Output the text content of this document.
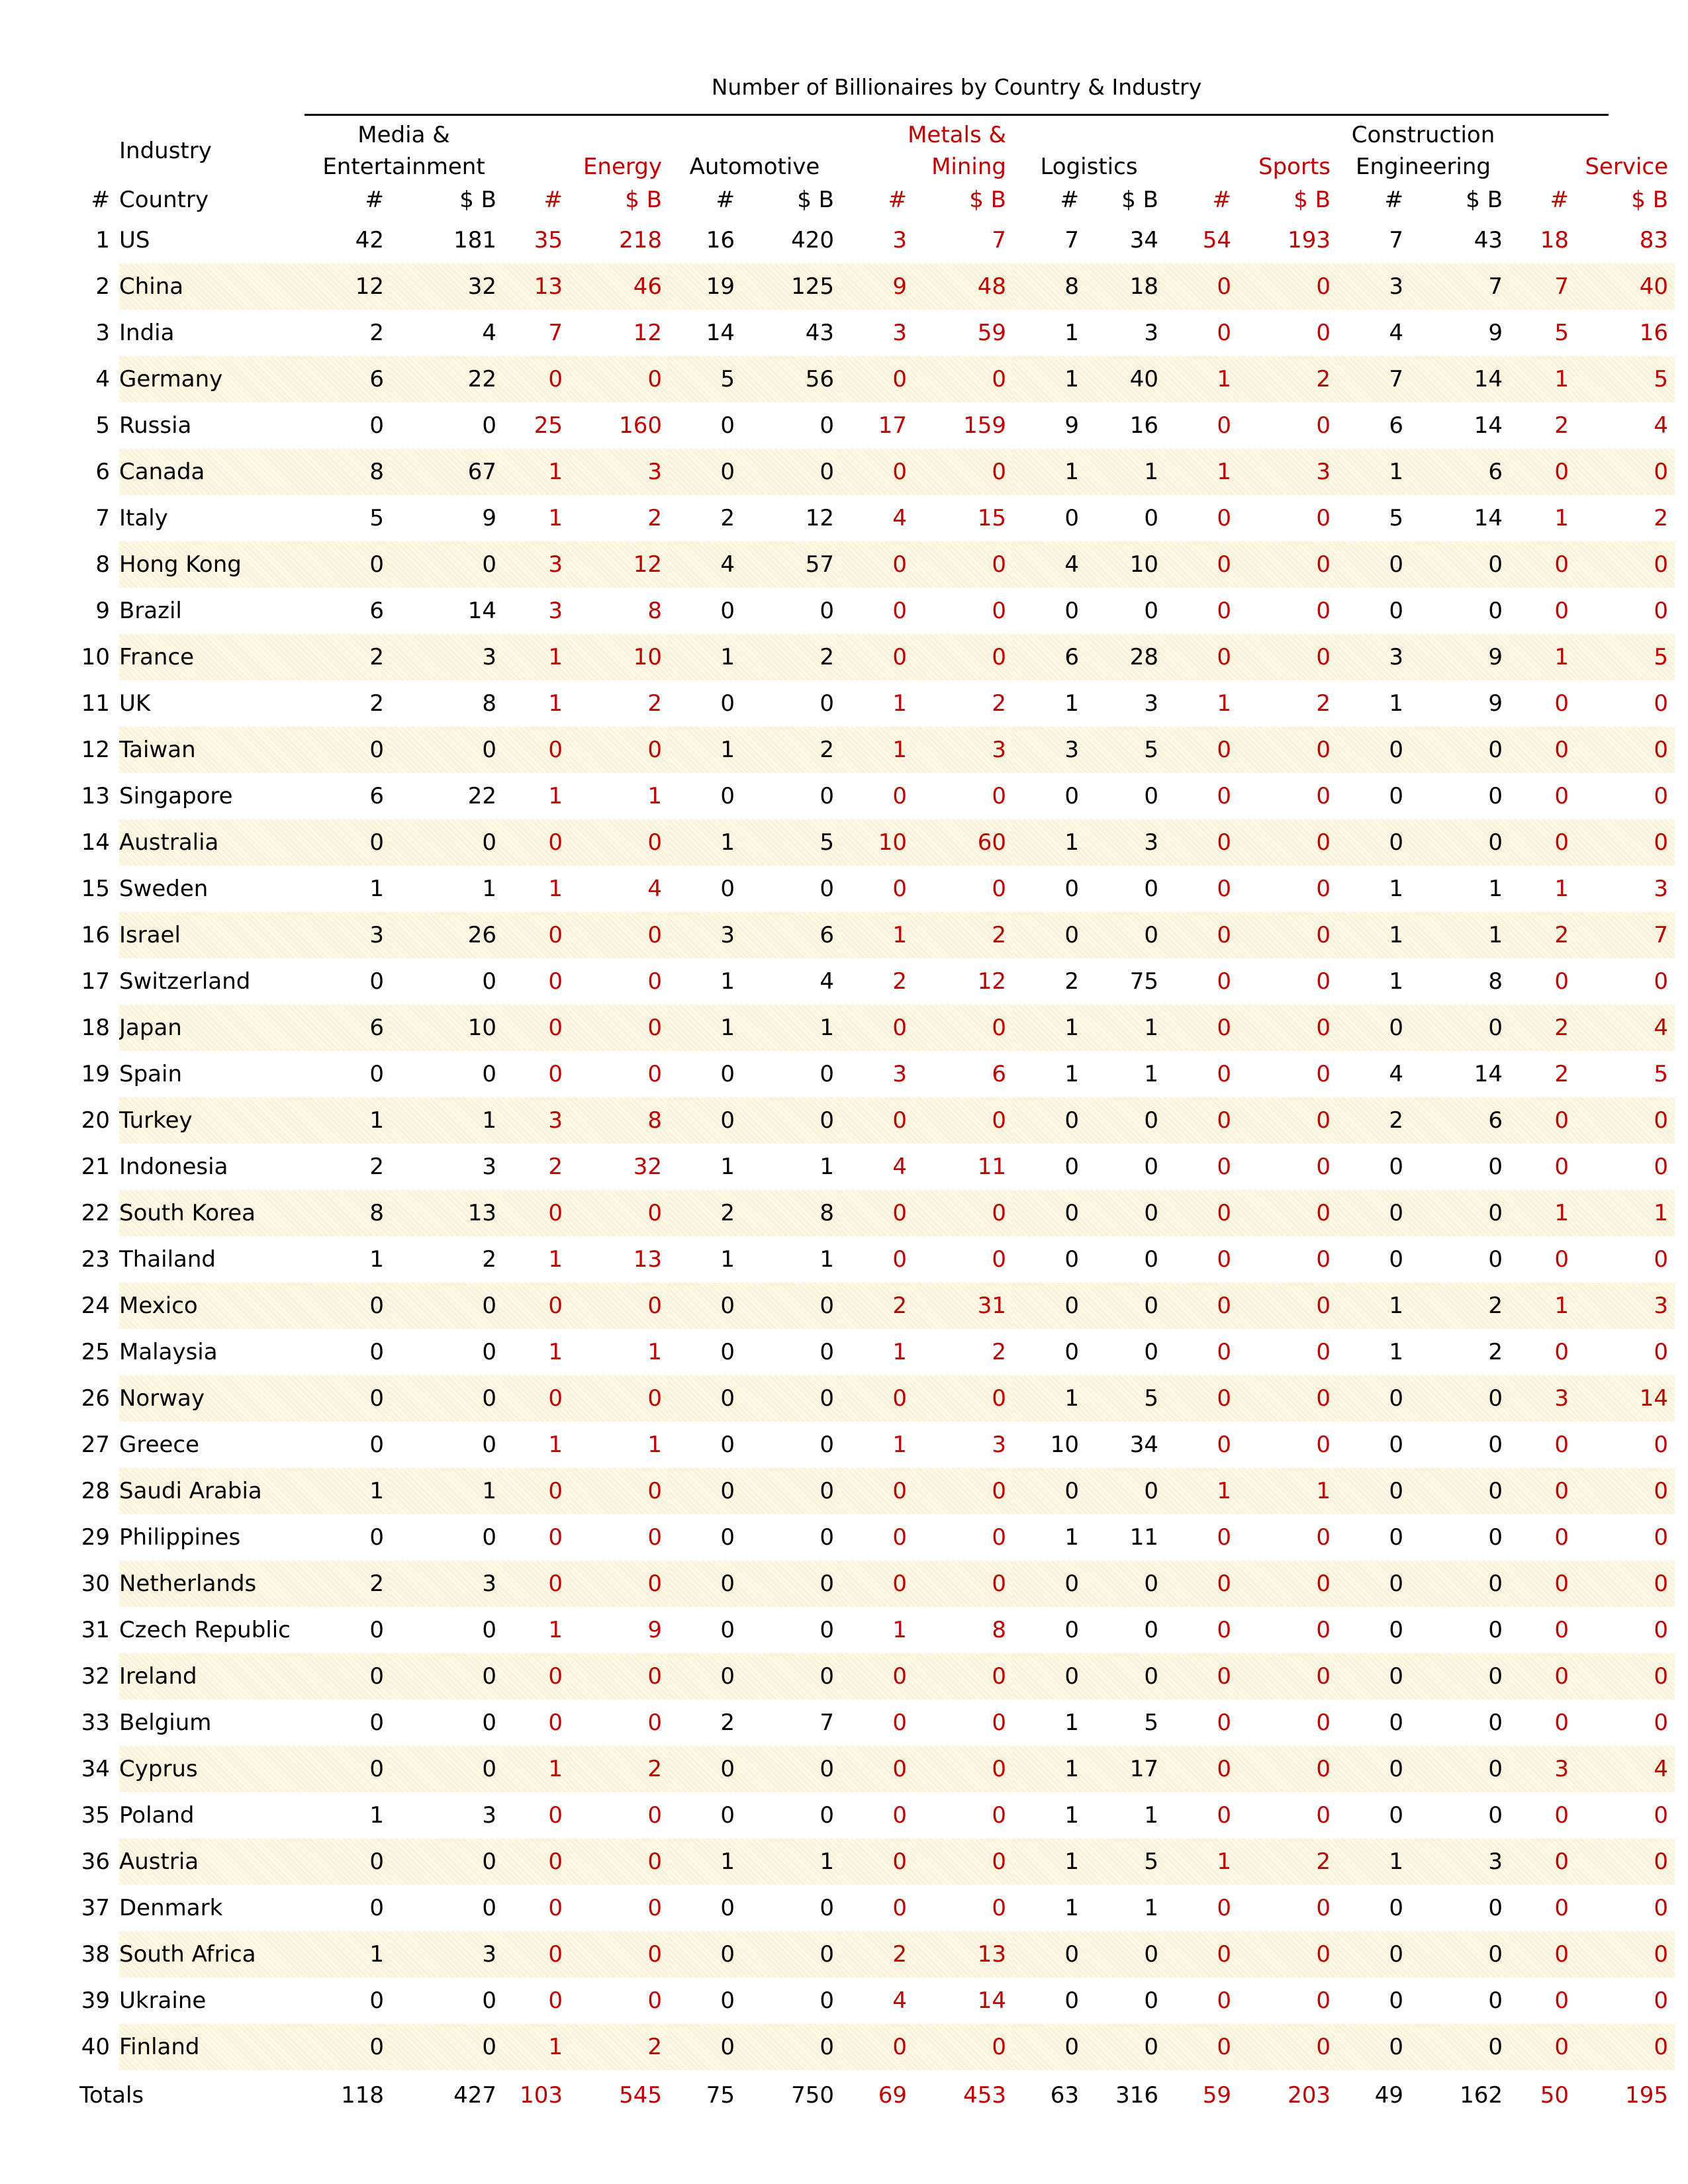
Number of Billionaires by Country & Industry
	Industry	Media &						Metals &						Construction			
		Entertainment		Energy		Automotive		Mining		Logistics		Sports		Engineering		Service	
#	Country	#	$ B	#	$ B	#	$ B	#	$ B	#	$ B	#	$ B	#	$ B	#	$ B
1	US	42	181	35	218	16	420	3	7	7	34	54	193	7	43	18	83
2	China	12	32	13	46	19	125	9	48	8	18	0	0	3	7	7	40
3	India	2	4	7	12	14	43	3	59	1	3	0	0	4	9	5	16
4	Germany	6	22	0	0	5	56	0	0	1	40	1	2	7	14	1	5
5	Russia	0	0	25	160	0	0	17	159	9	16	0	0	6	14	2	4
6	Canada	8	67	1	3	0	0	0	0	1	1	1	3	1	6	0	0
7	Italy	5	9	1	2	2	12	4	15	0	0	0	0	5	14	1	2
8	Hong Kong	0	0	3	12	4	57	0	0	4	10	0	0	0	0	0	0
9	Brazil	6	14	3	8	0	0	0	0	0	0	0	0	0	0	0	0
10	France	2	3	1	10	1	2	0	0	6	28	0	0	3	9	1	5
11	UK	2	8	1	2	0	0	1	2	1	3	1	2	1	9	0	0
12	Taiwan	0	0	0	0	1	2	1	3	3	5	0	0	0	0	0	0
13	Singapore	6	22	1	1	0	0	0	0	0	0	0	0	0	0	0	0
14	Australia	0	0	0	0	1	5	10	60	1	3	0	0	0	0	0	0
15	Sweden	1	1	1	4	0	0	0	0	0	0	0	0	1	1	1	3
16	Israel	3	26	0	0	3	6	1	2	0	0	0	0	1	1	2	7
17	Switzerland	0	0	0	0	1	4	2	12	2	75	0	0	1	8	0	0
18	Japan	6	10	0	0	1	1	0	0	1	1	0	0	0	0	2	4
19	Spain	0	0	0	0	0	0	3	6	1	1	0	0	4	14	2	5
20	Turkey	1	1	3	8	0	0	0	0	0	0	0	0	2	6	0	0
21	Indonesia	2	3	2	32	1	1	4	11	0	0	0	0	0	0	0	0
22	South Korea	8	13	0	0	2	8	0	0	0	0	0	0	0	0	1	1
23	Thailand	1	2	1	13	1	1	0	0	0	0	0	0	0	0	0	0
24	Mexico	0	0	0	0	0	0	2	31	0	0	0	0	1	2	1	3
25	Malaysia	0	0	1	1	0	0	1	2	0	0	0	0	1	2	0	0
26	Norway	0	0	0	0	0	0	0	0	1	5	0	0	0	0	3	14
27	Greece	0	0	1	1	0	0	1	3	10	34	0	0	0	0	0	0
28	Saudi Arabia	1	1	0	0	0	0	0	0	0	0	1	1	0	0	0	0
29	Philippines	0	0	0	0	0	0	0	0	1	11	0	0	0	0	0	0
30	Netherlands	2	3	0	0	0	0	0	0	0	0	0	0	0	0	0	0
31	Czech Republic	0	0	1	9	0	0	1	8	0	0	0	0	0	0	0	0
32	Ireland	0	0	0	0	0	0	0	0	0	0	0	0	0	0	0	0
33	Belgium	0	0	0	0	2	7	0	0	1	5	0	0	0	0	0	0
34	Cyprus	0	0	1	2	0	0	0	0	1	17	0	0	0	0	3	4
35	Poland	1	3	0	0	0	0	0	0	1	1	0	0	0	0	0	0
36	Austria	0	0	0	0	1	1	0	0	1	5	1	2	1	3	0	0
37	Denmark	0	0	0	0	0	0	0	0	1	1	0	0	0	0	0	0
38	South Africa	1	3	0	0	0	0	2	13	0	0	0	0	0	0	0	0
39	Ukraine	0	0	0	0	0	0	4	14	0	0	0	0	0	0	0	0
40	Finland	0	0	1	2	0	0	0	0	0	0	0	0	0	0	0	0
Totals		118	427	103	545	75	750	69	453	63	316	59	203	49	162	50	195
